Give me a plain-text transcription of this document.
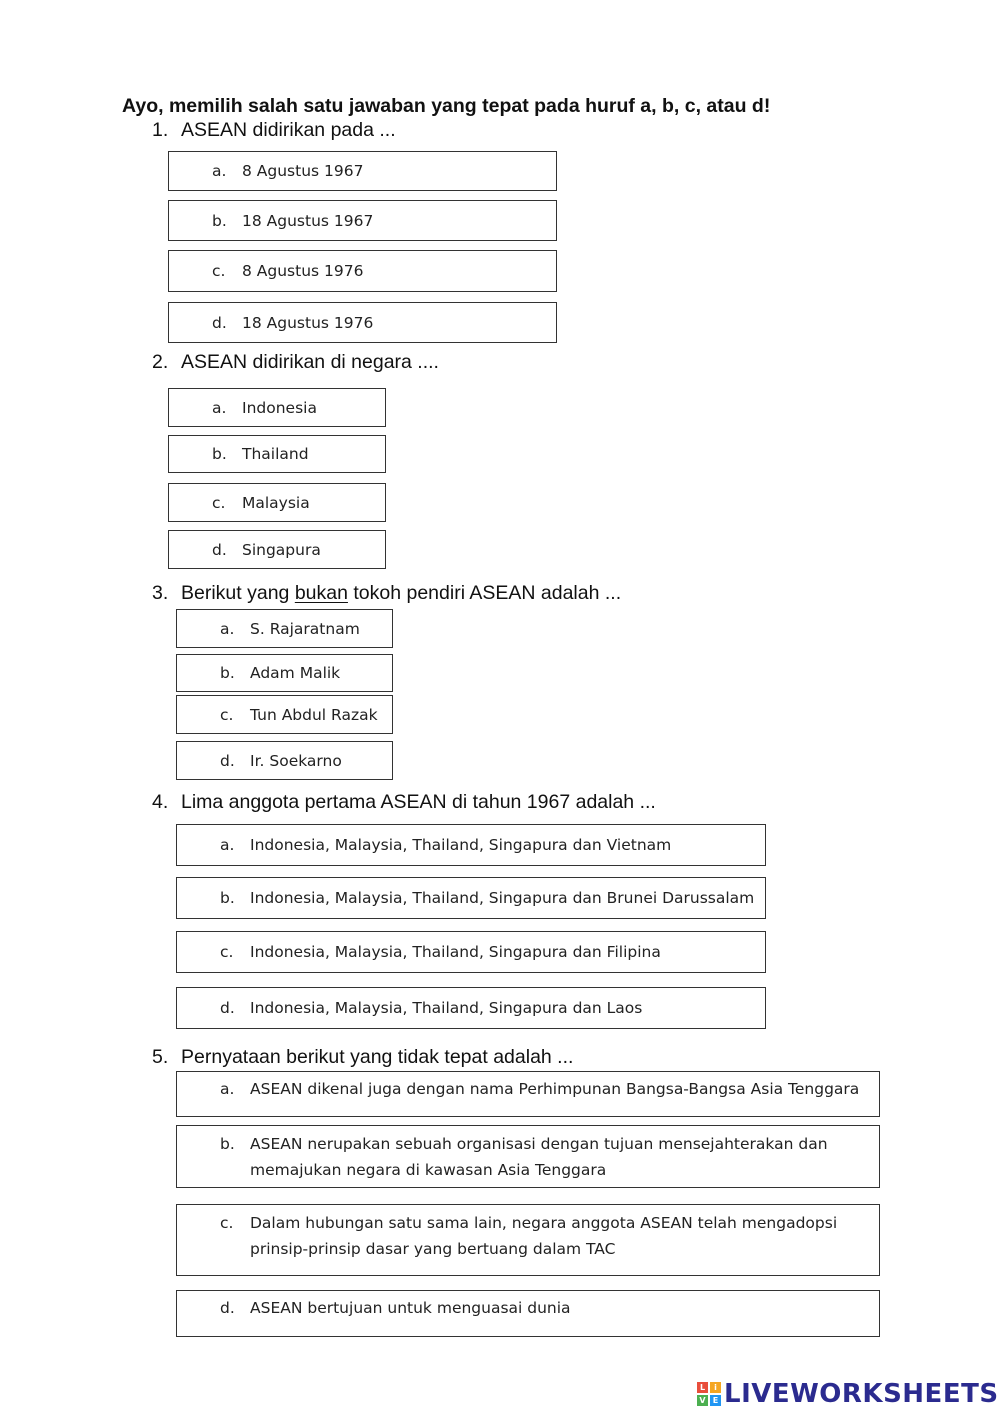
Ayo, memilih salah satu jawaban yang tepat pada huruf a, b, c, atau d!
1. ASEAN didirikan pada ...
a. 8 Agustus 1967
b. 18 Agustus 1967
c. 8 Agustus 1976
d. 18 Agustus 1976
2. ASEAN didirikan di negara ....
a. Indonesia
b. Thailand
c. Malaysia
d. Singapura
3. Berikut yang bukan tokoh pendiri ASEAN adalah ...
a. S. Rajaratnam
b. Adam Malik
c. Tun Abdul Razak
d. Ir. Soekarno
4. Lima anggota pertama ASEAN di tahun 1967 adalah ...
a. Indonesia, Malaysia, Thailand, Singapura dan Vietnam
b. Indonesia, Malaysia, Thailand, Singapura dan Brunei Darussalam
c. Indonesia, Malaysia, Thailand, Singapura dan Filipina
d. Indonesia, Malaysia, Thailand, Singapura dan Laos
5. Pernyataan berikut yang tidak tepat adalah ...
a. ASEAN dikenal juga dengan nama Perhimpunan Bangsa-Bangsa Asia Tenggara
b. ASEAN nerupakan sebuah organisasi dengan tujuan mensejahterakan dan
memajukan negara di kawasan Asia Tenggara
c. Dalam hubungan satu sama lain, negara anggota ASEAN telah mengadopsi
prinsip-prinsip dasar yang bertuang dalam TAC
d. ASEAN bertujuan untuk menguasai dunia
L	i
V E LIVEWORKSHEETS
